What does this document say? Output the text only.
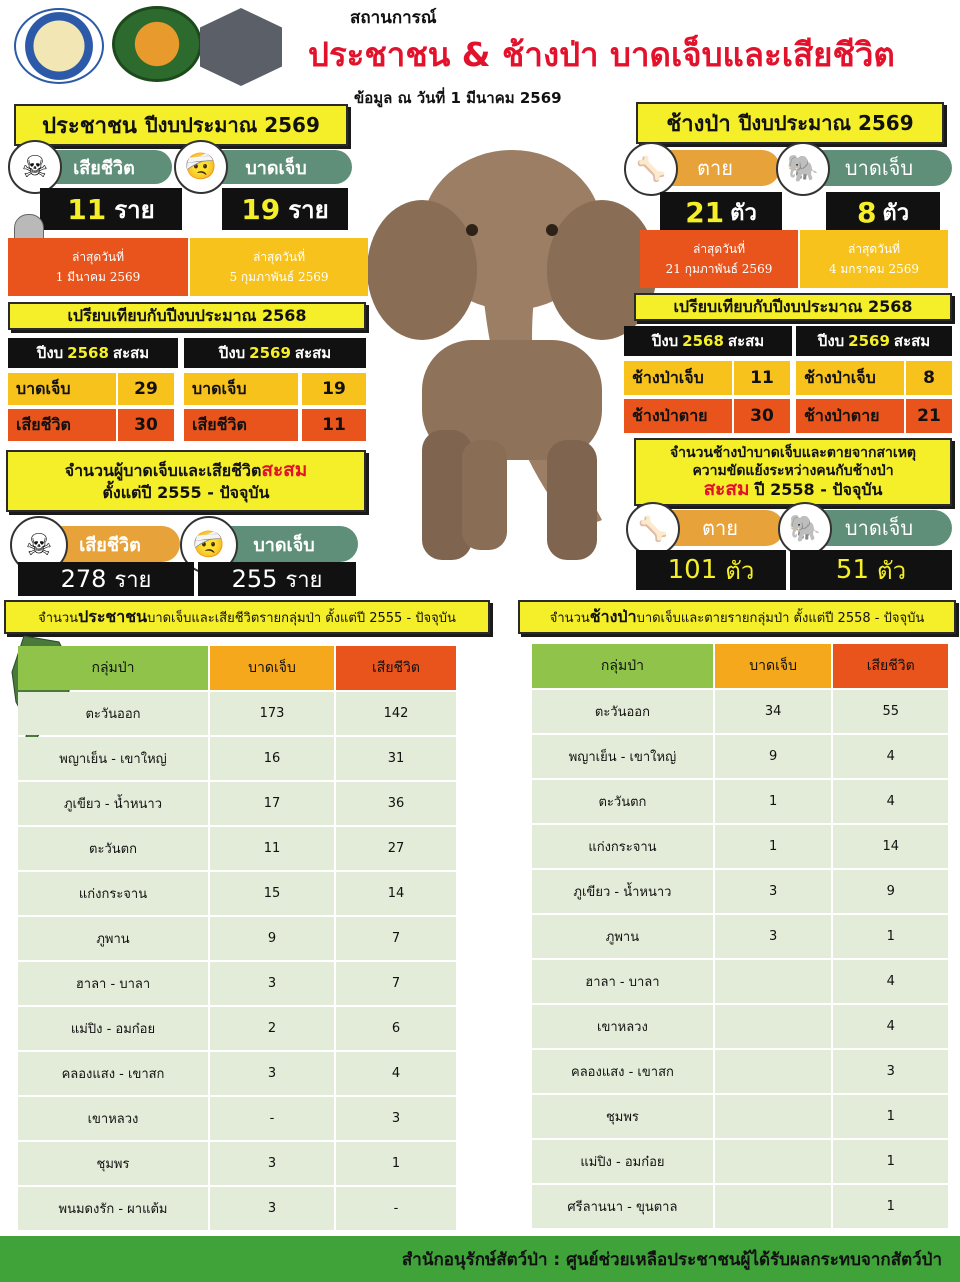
สถานการณ์
ประชาชน & ช้างป่า บาดเจ็บและเสียชีวิต
ข้อมูล ณ วันที่ 1 มีนาคม 2569
ประชาชน ปีงบประมาณ 2569
เสียชีวิต
☠	บาดเจ็บ
🤕
11 ราย	19 ราย
ล่าสุดวันที่
1 มีนาคม 2569
ล่าสุดวันที่
5 กุมภาพันธ์ 2569
เปรียบเทียบกับปีงบประมาณ 2568
ปีงบ 2568 สะสม	ปีงบ 2569 สะสม
บาดเจ็บ	29
เสียชีวิต	30
บาดเจ็บ	19
เสียชีวิต	11
จำนวนผู้บาดเจ็บและเสียชีวิตสะสม
ตั้งแต่ปี 2555 - ปัจจุบัน
เสียชีวิต
☠	บาดเจ็บ
🤕
278 ราย	255 ราย
ช้างป่า ปีงบประมาณ 2569
ตาย
🦴	บาดเจ็บ
🐘
21 ตัว	8 ตัว
ล่าสุดวันที่
21 กุมภาพันธ์ 2569
ล่าสุดวันที่
4 มกราคม 2569
เปรียบเทียบกับปีงบประมาณ 2568
ปีงบ 2568 สะสม	ปีงบ 2569 สะสม
ช้างป่าเจ็บ	11
ช้างป่าตาย	30
ช้างป่าเจ็บ	8
ช้างป่าตาย	21
จำนวนช้างป่าบาดเจ็บและตายจากสาเหตุ
ความขัดแย้งระหว่างคนกับช้างป่า
สะสม ปี 2558 - ปัจจุบัน
ตาย
🦴	บาดเจ็บ
🐘
101 ตัว	51 ตัว
จำนวน ประชาชน บาดเจ็บและเสียชีวิตรายกลุ่มป่า ตั้งแต่ปี 2555 - ปัจจุบัน	จำนวน ช้างป่า บาดเจ็บและตายรายกลุ่มป่า ตั้งแต่ปี 2558 - ปัจจุบัน
กลุ่มป่า	บาดเจ็บ	เสียชีวิต
ตะวันออก	173	142
พญาเย็น - เขาใหญ่	16	31
ภูเขียว - น้ำหนาว	17	36
ตะวันตก	11	27
แก่งกระจาน	15	14
ภูพาน	9	7
ฮาลา - บาลา	3	7
แม่ปิง - อมก๋อย	2	6
คลองแสง - เขาสก	3	4
เขาหลวง	-	3
ชุมพร	3	1
พนมดงรัก - ผาแต้ม	3	-
กลุ่มป่า	บาดเจ็บ	เสียชีวิต
ตะวันออก	34	55
พญาเย็น - เขาใหญ่	9	4
ตะวันตก	1	4
แก่งกระจาน	1	14
ภูเขียว - น้ำหนาว	3	9
ภูพาน	3	1
ฮาลา - บาลา		4
เขาหลวง		4
คลองแสง - เขาสก		3
ชุมพร		1
แม่ปิง - อมก๋อย		1
ศรีลานนา - ขุนตาล		1
สำนักอนุรักษ์สัตว์ป่า : ศูนย์ช่วยเหลือประชาชนผู้ได้รับผลกระทบจากสัตว์ป่า
